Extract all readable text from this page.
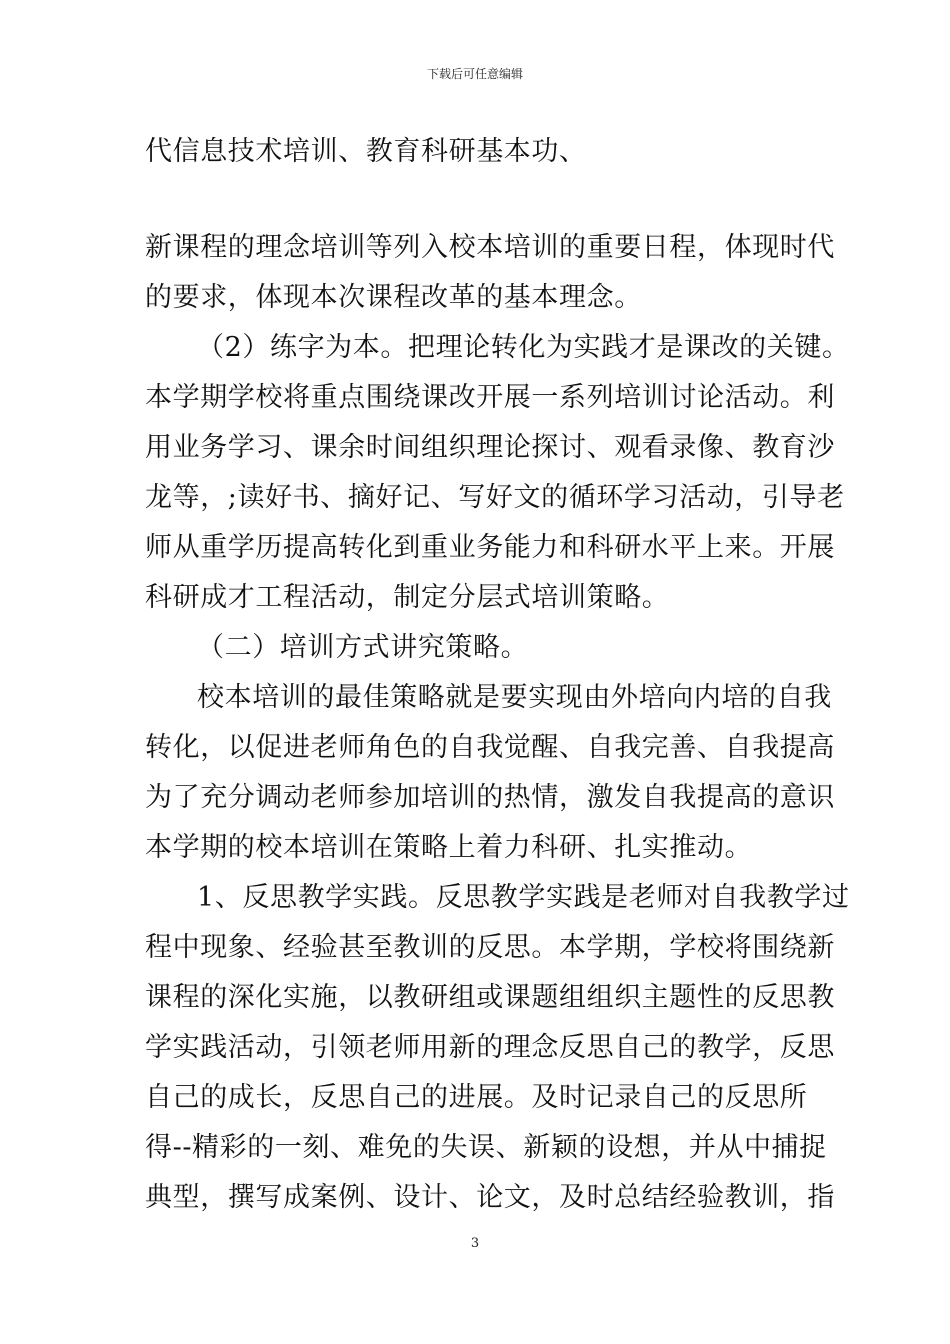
下载后可任意编辑
代信息技术培训、教育科研基本功、
新课程的理念培训等列入校本培训的重要日程，体现时代
的要求，体现本次课程改革的基本理念。
（2）练字为本。把理论转化为实践才是课改的关键。
本学期学校将重点围绕课改开展一系列培训讨论活动。利
用业务学习、课余时间组织理论探讨、观看录像、教育沙
龙等，;读好书、摘好记、写好文的循环学习活动，引导老
师从重学历提高转化到重业务能力和科研水平上来。开展
科研成才工程活动，制定分层式培训策略。
（二）培训方式讲究策略。
校本培训的最佳策略就是要实现由外培向内培的自我
转化，以促进老师角色的自我觉醒、自我完善、自我提高
为了充分调动老师参加培训的热情，激发自我提高的意识
本学期的校本培训在策略上着力科研、扎实推动。
1、反思教学实践。反思教学实践是老师对自我教学过
程中现象、经验甚至教训的反思。本学期，学校将围绕新
课程的深化实施，以教研组或课题组组织主题性的反思教
学实践活动，引领老师用新的理念反思自己的教学，反思
自己的成长，反思自己的进展。及时记录自己的反思所
得--精彩的一刻、难免的失误、新颖的设想，并从中捕捉
典型，撰写成案例、设计、论文，及时总结经验教训，指
3
